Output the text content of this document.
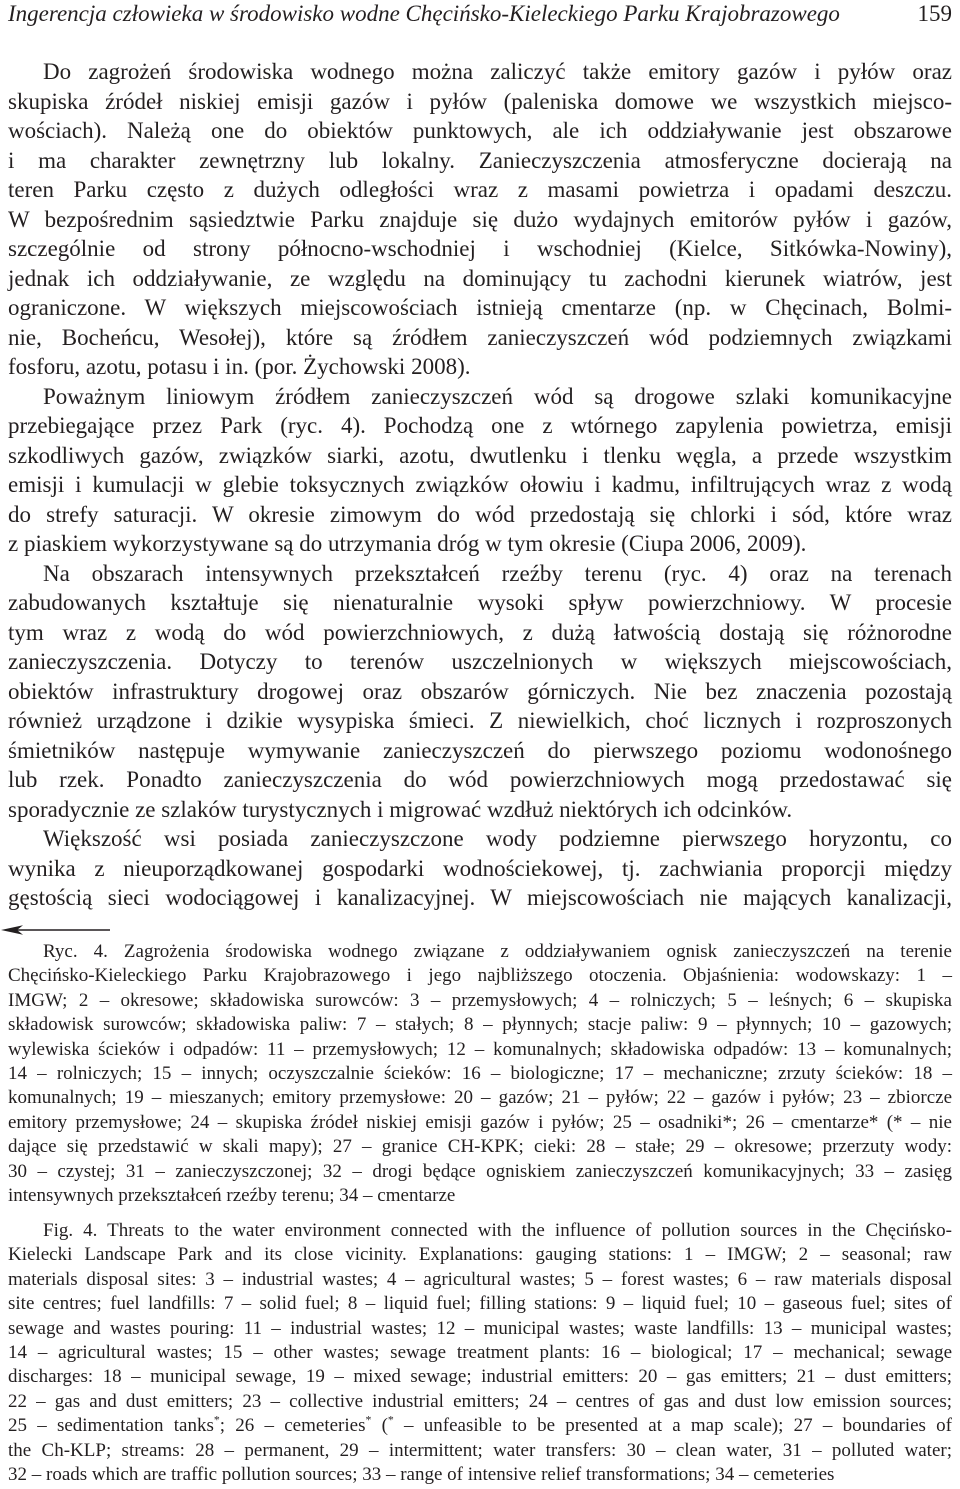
Ingerencja człowieka w środowisko wodne Chęcińsko-Kieleckiego Parku Krajobrazowego	159
Do zagrożeń środowiska wodnego można zaliczyć także emitory gazów i pyłów oraz
skupiska źródeł niskiej emisji gazów i pyłów (paleniska domowe we wszystkich miejsco-
wościach). Należą one do obiektów punktowych, ale ich oddziaływanie jest obszarowe
i ma charakter zewnętrzny lub lokalny. Zanieczyszczenia atmosferyczne docierają na
teren Parku często z dużych odległości wraz z masami powietrza i opadami deszczu.
W bezpośrednim sąsiedztwie Parku znajduje się dużo wydajnych emitorów pyłów i gazów,
szczególnie od strony północno-wschodniej i wschodniej (Kielce, Sitkówka-Nowiny),
jednak ich oddziaływanie, ze względu na dominujący tu zachodni kierunek wiatrów, jest
ograniczone. W większych miejscowościach istnieją cmentarze (np. w Chęcinach, Bolmi-
nie, Bocheńcu, Wesołej), które są źródłem zanieczyszczeń wód podziemnych związkami
fosforu, azotu, potasu i in. (por. Żychowski 2008).
Poważnym liniowym źródłem zanieczyszczeń wód są drogowe szlaki komunikacyjne
przebiegające przez Park (ryc. 4). Pochodzą one z wtórnego zapylenia powietrza, emisji
szkodliwych gazów, związków siarki, azotu, dwutlenku i tlenku węgla, a przede wszystkim
emisji i kumulacji w glebie toksycznych związków ołowiu i kadmu, infiltrujących wraz z wodą
do strefy saturacji. W okresie zimowym do wód przedostają się chlorki i sód, które wraz
z piaskiem wykorzystywane są do utrzymania dróg w tym okresie (Ciupa 2006, 2009).
Na obszarach intensywnych przekształceń rzeźby terenu (ryc. 4) oraz na terenach
zabudowanych kształtuje się nienaturalnie wysoki spływ powierzchniowy. W procesie
tym wraz z wodą do wód powierzchniowych, z dużą łatwością dostają się różnorodne
zanieczyszczenia. Dotyczy to terenów uszczelnionych w większych miejscowościach,
obiektów infrastruktury drogowej oraz obszarów górniczych. Nie bez znaczenia pozostają
również urządzone i dzikie wysypiska śmieci. Z niewielkich, choć licznych i rozproszonych
śmietników następuje wymywanie zanieczyszczeń do pierwszego poziomu wodonośnego
lub rzek. Ponadto zanieczyszczenia do wód powierzchniowych mogą przedostawać się
sporadycznie ze szlaków turystycznych i migrować wzdłuż niektórych ich odcinków.
Większość wsi posiada zanieczyszczone wody podziemne pierwszego horyzontu, co
wynika z nieuporządkowanej gospodarki wodnościekowej, tj. zachwiania proporcji między
gęstością sieci wodociągowej i kanalizacyjnej. W miejscowościach nie mających kanalizacji,
Ryc. 4. Zagrożenia środowiska wodnego związane z oddziaływaniem ognisk zanieczyszczeń na terenie
Chęcińsko-Kieleckiego Parku Krajobrazowego i jego najbliższego otoczenia. Objaśnienia: wodowskazy: 1 –
IMGW; 2 – okresowe; składowiska surowców: 3 – przemysłowych; 4 – rolniczych; 5 – leśnych; 6 – skupiska
składowisk surowców; składowiska paliw: 7 – stałych; 8 – płynnych; stacje paliw: 9 – płynnych; 10 – gazowych;
wylewiska ścieków i odpadów: 11 – przemysłowych; 12 – komunalnych; składowiska odpadów: 13 – komunalnych;
14 – rolniczych; 15 – innych; oczyszczalnie ścieków: 16 – biologiczne; 17 – mechaniczne; zrzuty ścieków: 18 –
komunalnych; 19 – mieszanych; emitory przemysłowe: 20 – gazów; 21 – pyłów; 22 – gazów i pyłów; 23 – zbiorcze
emitory przemysłowe; 24 – skupiska źródeł niskiej emisji gazów i pyłów; 25 – osadniki*; 26 – cmentarze* (* – nie
dające się przedstawić w skali mapy); 27 – granice CH-KPK; cieki: 28 – stałe; 29 – okresowe; przerzuty wody:
30 – czystej; 31 – zanieczyszczonej; 32 – drogi będące ogniskiem zanieczyszczeń komunikacyjnych; 33 – zasięg
intensywnych przekształceń rzeźby terenu; 34 – cmentarze
Fig. 4. Threats to the water environment connected with the influence of pollution sources in the Chęcińsko-
Kielecki Landscape Park and its close vicinity. Explanations: gauging stations: 1 – IMGW; 2 – seasonal; raw
materials disposal sites: 3 – industrial wastes; 4 – agricultural wastes; 5 – forest wastes; 6 – raw materials disposal
site centres; fuel landfills: 7 – solid fuel; 8 – liquid fuel; filling stations: 9 – liquid fuel; 10 – gaseous fuel; sites of
sewage and wastes pouring: 11 – industrial wastes; 12 – municipal wastes; waste landfills: 13 – municipal wastes;
14 – agricultural wastes; 15 – other wastes; sewage treatment plants: 16 – biological; 17 – mechanical; sewage
discharges: 18 – municipal sewage, 19 – mixed sewage; industrial emitters: 20 – gas emitters; 21 – dust emitters;
22 – gas and dust emitters; 23 – collective industrial emitters; 24 – centres of gas and dust low emission sources;
25 – sedimentation tanks*; 26 – cemeteries* (* – unfeasible to be presented at a map scale); 27 – boundaries of
the Ch-KLP; streams: 28 – permanent, 29 – intermittent; water transfers: 30 – clean water, 31 – polluted water;
32 – roads which are traffic pollution sources; 33 – range of intensive relief transformations; 34 – cemeteries
